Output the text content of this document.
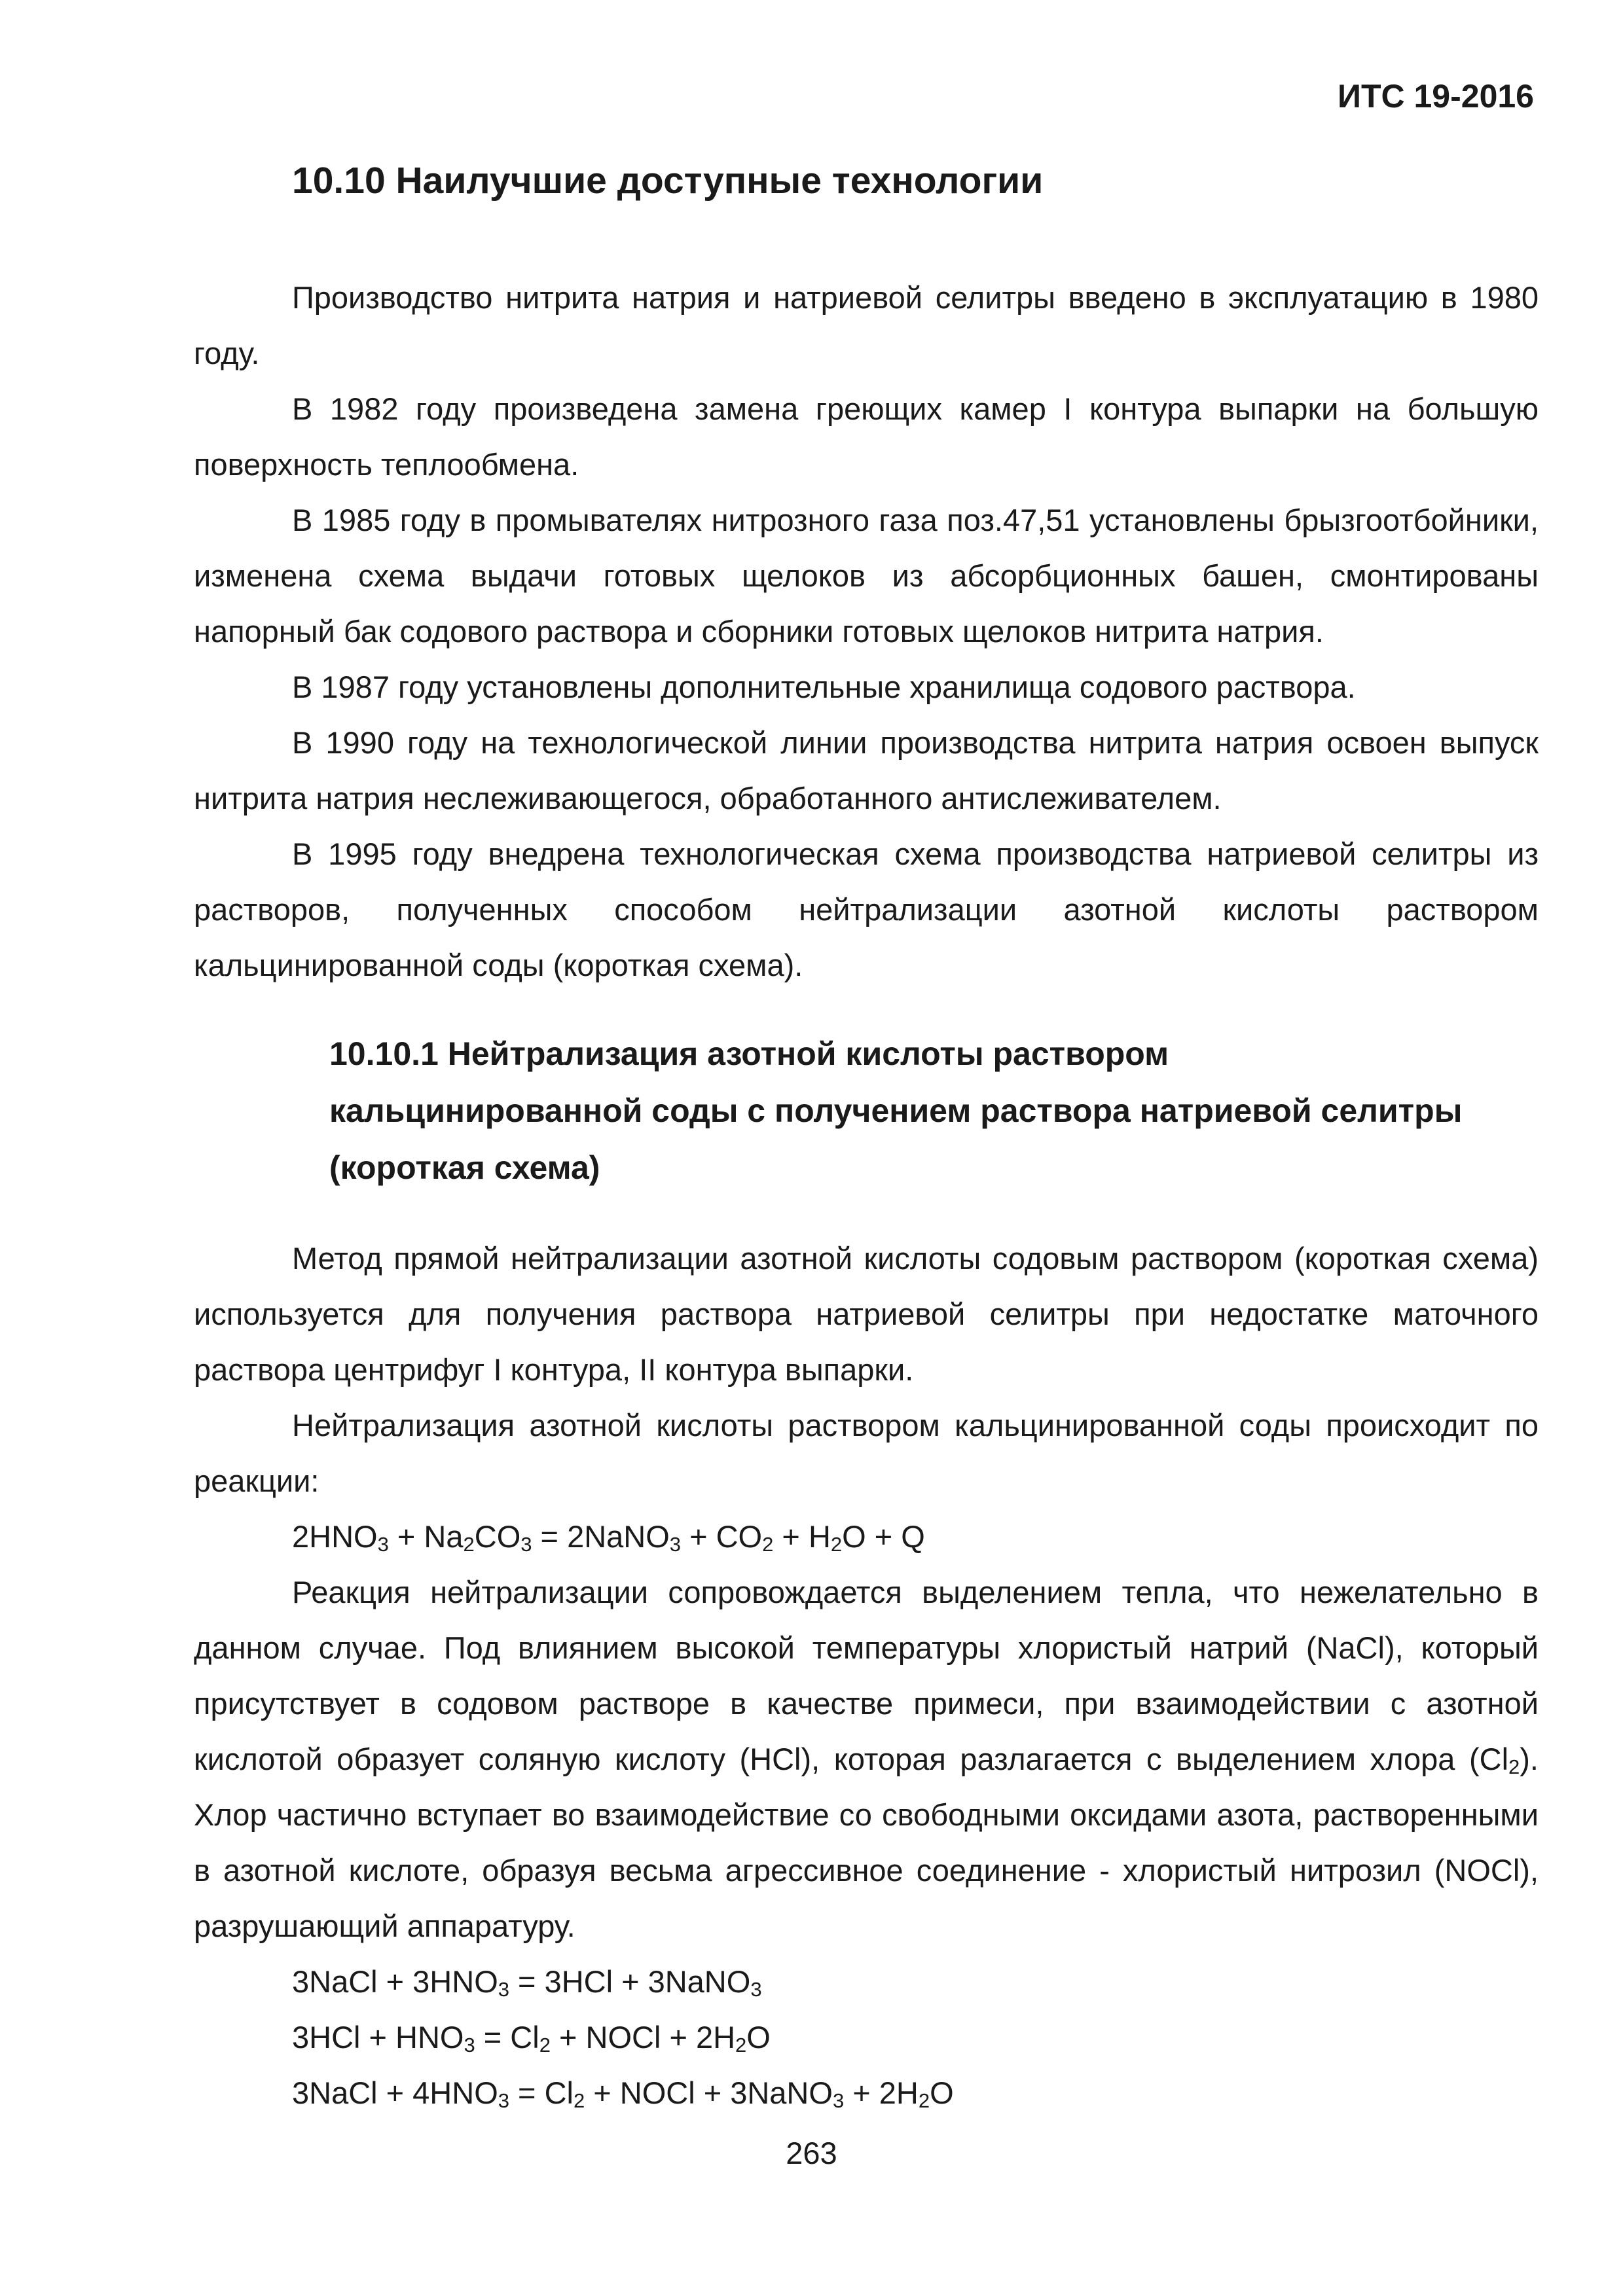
ИТС 19-2016
10.10 Наилучшие доступные технологии

Производство нитрита натрия и натриевой селитры введено в эксплуатацию в 1980 году.

В 1982 году произведена замена греющих камер I контура выпарки на большую поверхность теплообмена.

В 1985 году в промывателях нитрозного газа поз.47,51 установлены брызгоотбойники, изменена схема выдачи готовых щелоков из абсорбционных башен, смонтированы напорный бак содового раствора и сборники готовых щелоков нитрита натрия.

В 1987 году установлены дополнительные хранилища содового раствора.

В 1990 году на технологической линии производства нитрита натрия освоен выпуск нитрита натрия неслеживающегося, обработанного антислеживателем.

В 1995 году внедрена технологическая схема производства натриевой селитры из растворов, полученных способом нейтрализации азотной кислоты раствором кальцинированной соды (короткая схема).

10.10.1 Нейтрализация азотной кислоты раствором кальцинированной соды с получением раствора натриевой селитры (короткая схема)

Метод прямой нейтрализации азотной кислоты содовым раствором (короткая схема) используется для получения раствора натриевой селитры при недостатке маточного раствора центрифуг I контура, II контура выпарки.

Нейтрализация азотной кислоты раствором кальцинированной соды происходит по реакции:

$2HNO_3 + Na_2CO_3$ = 2NaNO$_3$ + $CO_2 + H_2O + Q$

Реакция нейтрализации сопровождается выделением тепла, что нежелательно в данном случае. Под влиянием высокой температуры хлористый натрий (NaCl), который присутствует в содовом растворе в качестве примеси, при взаимодействии с азотной кислотой образует соляную кислоту (HCl), которая разлагается с выделением хлора $(Cl_2)$. Хлор частично вступает во взаимодействие со свободными оксидами азота, растворенными в азотной кислоте, образуя весьма агрессивное соединение - хлористый нитрозил (NOCl), разрушающий аппаратуру.

3NaCl + $3HNO_3 = 3HCl$ + 3NaNO$_3$
$3HCl + HNO_3 = Cl_2$ + NOCl + $2H_2O$
3NaCl + $4HNO_3 = Cl_2$ + NOCl + 3NaNO$_3$ + $2H_2O$
263
